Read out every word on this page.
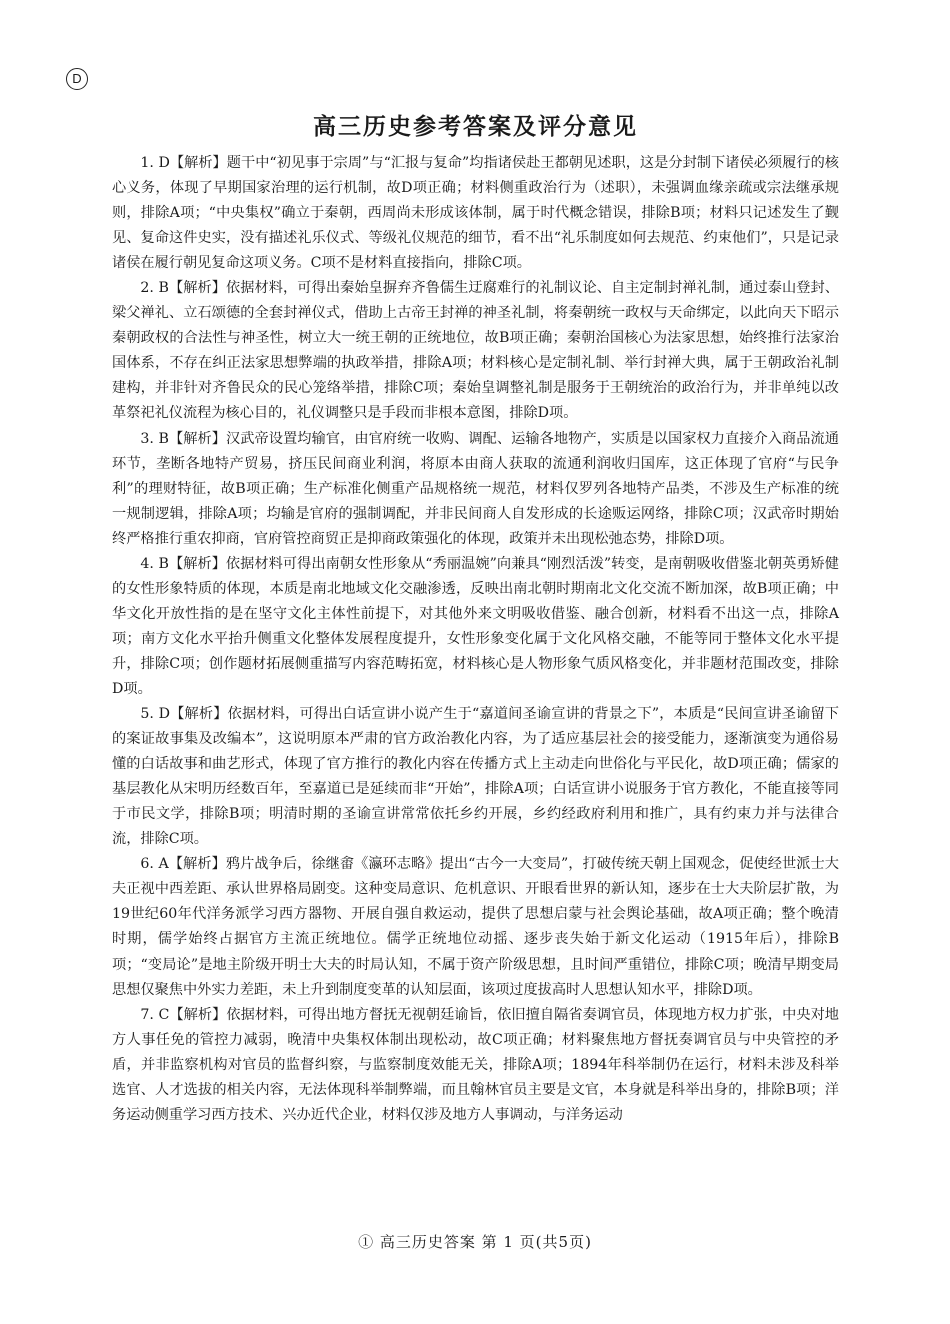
D
高三历史参考答案及评分意见

1. D【解析】题干中“初见事于宗周”与“汇报与复命”均指诸侯赴王都朝见述职，这是分封制下诸侯必须履行的核心义务，体现了早期国家治理的运行机制，故D项正确；材料侧重政治行为（述职），未强调血缘亲疏或宗法继承规则，排除A项；“中央集权”确立于秦朝，西周尚未形成该体制，属于时代概念错误，排除B项；材料只记述发生了觐见、复命这件史实，没有描述礼乐仪式、等级礼仪规范的细节，看不出“礼乐制度如何去规范、约束他们”，只是记录诸侯在履行朝见复命这项义务。C项不是材料直接指向，排除C项。

2. B【解析】依据材料，可得出秦始皇摒弃齐鲁儒生迂腐难行的礼制议论、自主定制封禅礼制，通过泰山登封、梁父禅礼、立石颂德的全套封禅仪式，借助上古帝王封禅的神圣礼制，将秦朝统一政权与天命绑定，以此向天下昭示秦朝政权的合法性与神圣性，树立大一统王朝的正统地位，故B项正确；秦朝治国核心为法家思想，始终推行法家治国体系，不存在纠正法家思想弊端的执政举措，排除A项；材料核心是定制礼制、举行封禅大典，属于王朝政治礼制建构，并非针对齐鲁民众的民心笼络举措，排除C项；秦始皇调整礼制是服务于王朝统治的政治行为，并非单纯以改革祭祀礼仪流程为核心目的，礼仪调整只是手段而非根本意图，排除D项。

3. B【解析】汉武帝设置均输官，由官府统一收购、调配、运输各地物产，实质是以国家权力直接介入商品流通环节，垄断各地特产贸易，挤压民间商业利润，将原本由商人获取的流通利润收归国库，这正体现了官府“与民争利”的理财特征，故B项正确；生产标准化侧重产品规格统一规范，材料仅罗列各地特产品类，不涉及生产标准的统一规制逻辑，排除A项；均输是官府的强制调配，并非民间商人自发形成的长途贩运网络，排除C项；汉武帝时期始终严格推行重农抑商，官府管控商贸正是抑商政策强化的体现，政策并未出现松弛态势，排除D项。

4. B【解析】依据材料可得出南朝女性形象从“秀丽温婉”向兼具“刚烈活泼”转变，是南朝吸收借鉴北朝英勇矫健的女性形象特质的体现，本质是南北地域文化交融渗透，反映出南北朝时期南北文化交流不断加深，故B项正确；中华文化开放性指的是在坚守文化主体性前提下，对其他外来文明吸收借鉴、融合创新，材料看不出这一点，排除A项；南方文化水平抬升侧重文化整体发展程度提升，女性形象变化属于文化风格交融，不能等同于整体文化水平提升，排除C项；创作题材拓展侧重描写内容范畴拓宽，材料核心是人物形象气质风格变化，并非题材范围改变，排除D项。

5. D【解析】依据材料，可得出白话宣讲小说产生于“嘉道间圣谕宣讲的背景之下”，本质是“民间宣讲圣谕留下的案证故事集及改编本”，这说明原本严肃的官方政治教化内容，为了适应基层社会的接受能力，逐渐演变为通俗易懂的白话故事和曲艺形式，体现了官方推行的教化内容在传播方式上主动走向世俗化与平民化，故D项正确；儒家的基层教化从宋明历经数百年，至嘉道已是延续而非“开始”，排除A项；白话宣讲小说服务于官方教化，不能直接等同于市民文学，排除B项；明清时期的圣谕宣讲常常依托乡约开展，乡约经政府利用和推广，具有约束力并与法律合流，排除C项。

6. A【解析】鸦片战争后，徐继畬《瀛环志略》提出“古今一大变局”，打破传统天朝上国观念，促使经世派士大夫正视中西差距、承认世界格局剧变。这种变局意识、危机意识、开眼看世界的新认知，逐步在士大夫阶层扩散，为19世纪60年代洋务派学习西方器物、开展自强自救运动，提供了思想启蒙与社会舆论基础，故A项正确；整个晚清时期，儒学始终占据官方主流正统地位。儒学正统地位动摇、逐步丧失始于新文化运动（1915年后），排除B项；“变局论”是地主阶级开明士大夫的时局认知，不属于资产阶级思想，且时间严重错位，排除C项；晚清早期变局思想仅聚焦中外实力差距，未上升到制度变革的认知层面，该项过度拔高时人思想认知水平，排除D项。

7. C【解析】依据材料，可得出地方督抚无视朝廷谕旨，依旧擅自隔省奏调官员，体现地方权力扩张，中央对地方人事任免的管控力减弱，晚清中央集权体制出现松动，故C项正确；材料聚焦地方督抚奏调官员与中央管控的矛盾，并非监察机构对官员的监督纠察，与监察制度效能无关，排除A项；1894年科举制仍在运行，材料未涉及科举选官、人才选拔的相关内容，无法体现科举制弊端，而且翰林官员主要是文官，本身就是科举出身的，排除B项；洋务运动侧重学习西方技术、兴办近代企业，材料仅涉及地方人事调动，与洋务运动

① 高三历史答案 第 1 页(共5页)
